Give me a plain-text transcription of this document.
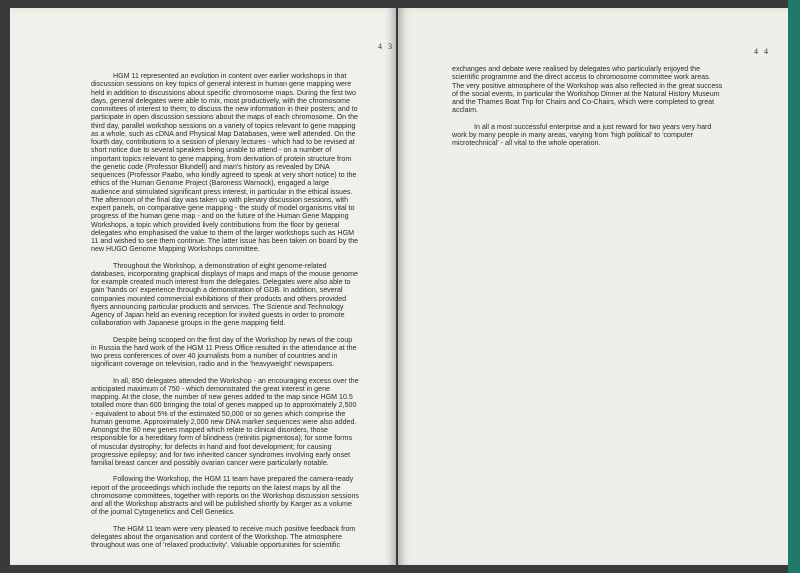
4 3

HGM 11 represented an evolution in content over earlier workshops in that discussion sessions on key topics of general interest in human gene mapping were held in addition to discussions about specific chromosome maps. During the first two days, general delegates were able to mix, most productively, with the chromosome committees of interest to them; to discuss the new information in their posters; and to participate in open discussion sessions about the maps of each chromosome. On the third day, parallel workshop sessions on a variety of topics relevant to gene mapping as a whole, such as cDNA and Physical Map Databases, were well attended. On the fourth day, contributions to a session of plenary lectures - which had to be revised at short notice due to several speakers being unable to attend - on a number of important topics relevant to gene mapping, from derivation of protein structure from the genetic code (Professor Blundell) and man's history as revealed by DNA sequences (Professor Paabo, who kindly agreed to speak at very short notice) to the ethics of the Human Genome Project (Baroness Warnock), engaged a large audience and stimulated significant press interest, in particular in the ethical issues. The afternoon of the final day was taken up with plenary discussion sessions, with expert panels, on comparative gene mapping - the study of model organisms vital to progress of the human gene map - and on the future of the Human Gene Mapping Workshops, a topic which provided lively contributions from the floor by general delegates who emphasised the value to them of the larger workshops such as HGM 11 and wished to see them continue. The latter issue has been taken on board by the new HUGO Genome Mapping Workshops committee.

Throughout the Workshop, a demonstration of eight genome-related databases, incorporating graphical displays of maps and maps of the mouse genome for example created much interest from the delegates. Delegates were also able to gain 'hands on' experience through a demonstration of GDB. In addition, several companies mounted commercial exhibitions of their products and others provided flyers announcing particular products and services. The Science and Technology Agency of Japan held an evening reception for invited guests in order to promote collaboration with Japanese groups in the gene mapping field.

Despite being scooped on the first day of the Workshop by news of the coup in Russia the hard work of the HGM 11 Press Office resulted in the attendance at the two press conferences of over 40 journalists from a number of countries and in significant coverage on television, radio and in the 'heavyweight' newspapers.

In all, 850 delegates attended the Workshop - an encouraging excess over the anticipated maximum of 750 - which demonstrated the great interest in gene mapping. At the close, the number of new genes added to the map since HGM 10.5 totalled more than 600 bringing the total of genes mapped up to approximately 2,500 - equivalent to about 5% of the estimated 50,000 or so genes which comprise the human genome. Approximately 2,000 new DNA marker sequences were also added. Amongst the 80 new genes mapped which relate to clinical disorders, those responsible for a hereditary form of blindness (retinitis pigmentosa); for some forms of muscular dystrophy; for defects in hand and foot development; for causing progressive epilepsy; and for two inherited cancer syndromes involving early onset familial breast cancer and possibly ovarian cancer were particularly notable.

Following the Workshop, the HGM 11 team have prepared the camera-ready report of the proceedings which include the reports on the latest maps by all the chromosome committees, together with reports on the Workshop discussion sessions and all the Workshop abstracts and will be published shortly by Karger as a volume of the journal Cytogenetics and Cell Genetics.

The HGM 11 team were very pleased to receive much positive feedback from delegates about the organisation and content of the Workshop. The atmosphere throughout was one of 'relaxed productivity'. Valuable opportunities for scientific

4 4

exchanges and debate were realised by delegates who particularly enjoyed the scientific programme and the direct access to chromosome committee work areas. The very positive atmosphere of the Workshop was also reflected in the great success of the social events, in particular the Workshop Dinner at the Natural History Museum and the Thames Boat Trip for Chairs and Co-Chairs, which were completed to great acclaim.

In all a most successful enterprise and a just reward for two years very hard work by many people in many areas, varying from 'high political' to 'computer microtechnical' - all vital to the whole operation.
